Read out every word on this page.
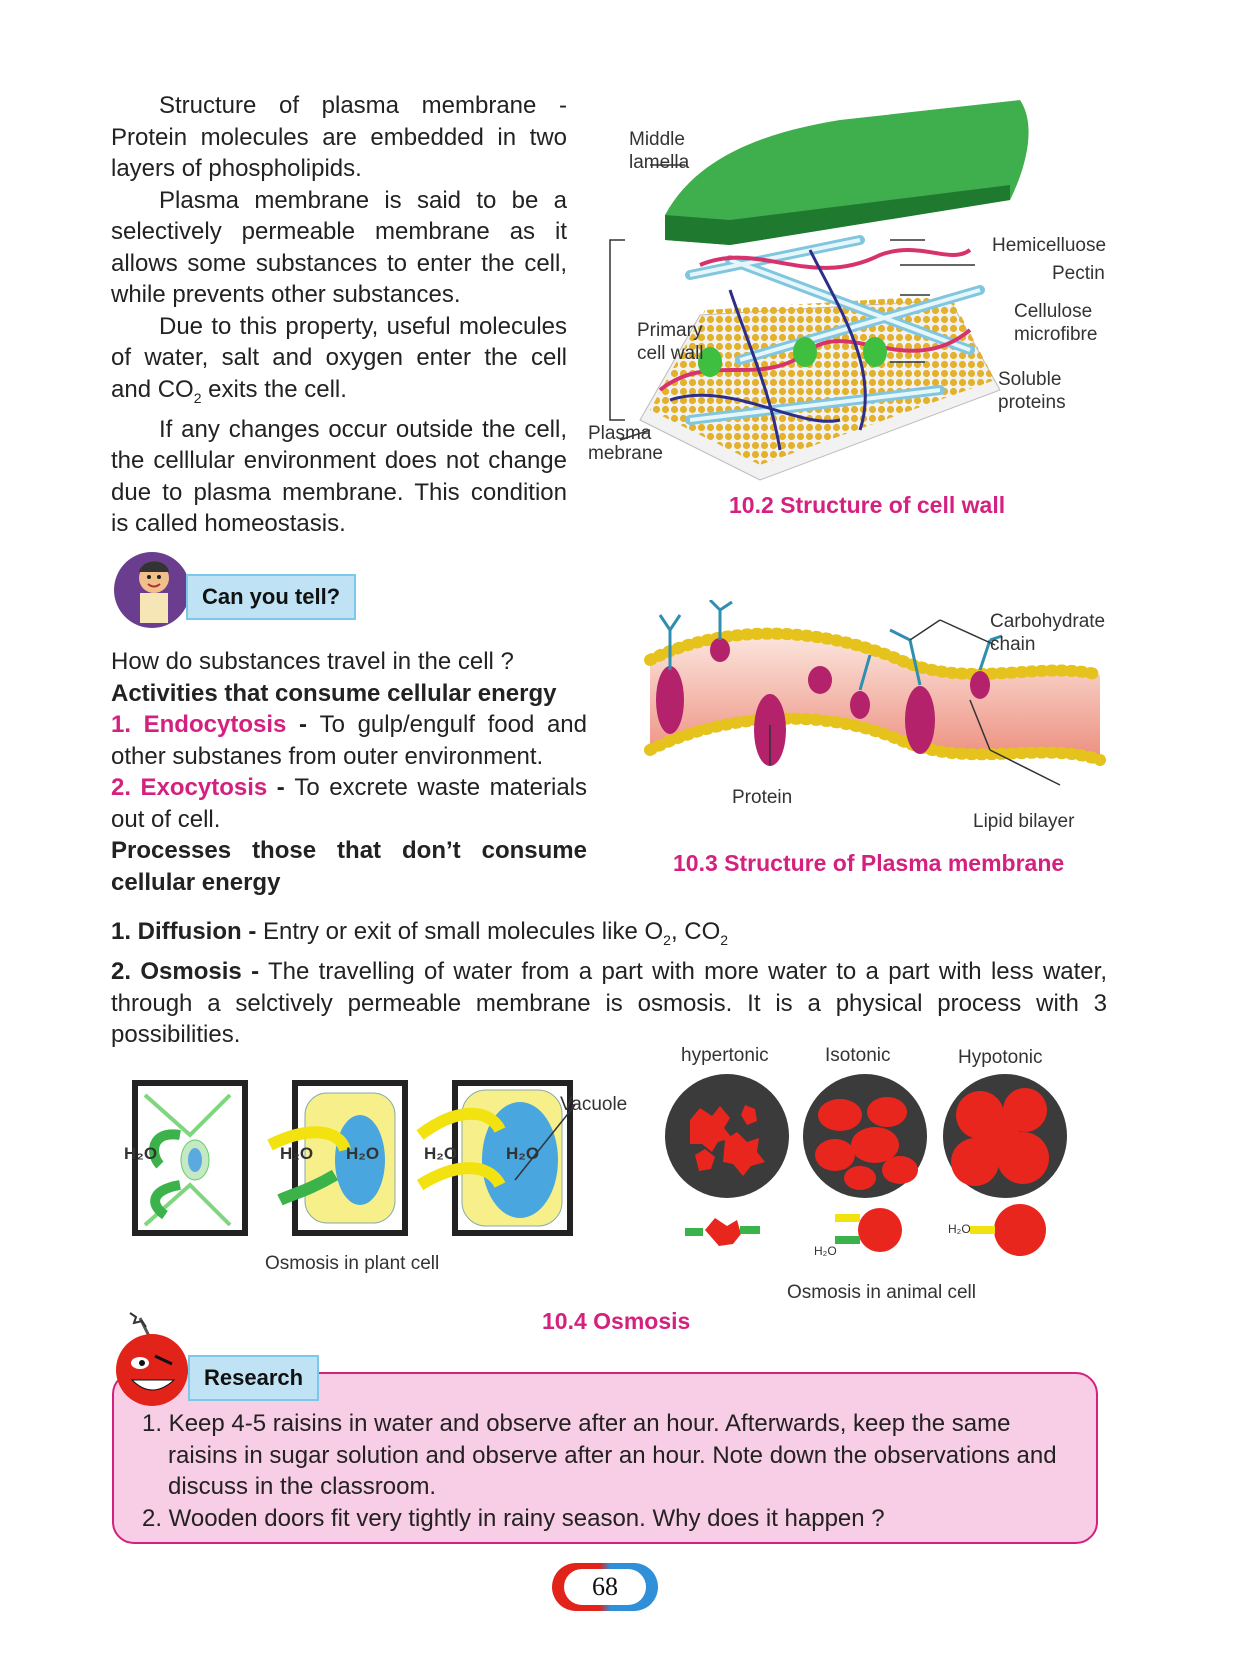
Structure of plasma membrane - Protein molecules are embedded in two layers of phospholipids.

Plasma membrane is said to be a selectively permeable membrane as it allows some substances to enter the cell, while prevents other substances.

Due to this property, useful molecules of water, salt and oxygen enter the cell and $CO_2$ exits the cell.

If any changes occur outside the cell, the celllular environment does not change due to plasma membrane. This condition is called homeostasis.

Middle lamella
Hemicelluose
Pectin
Cellulose microfibre
Primary cell wall
Soluble proteins
Plasma mebrane
10.2 Structure of cell wall
Can you tell?

How do substances travel in the cell ?

Activities that consume cellular energy

1. Endocytosis - To gulp/engulf food and other substanes from outer environment.

2. Exocytosis - To excrete waste materials out of cell.

Processes those that don’t consume cellular energy

Carbohydrate chain
Protein
Lipid bilayer
10.3 Structure of Plasma membrane

1. Diffusion - Entry or exit of small molecules like $O_2$, $CO_2$

2. Osmosis - The travelling of water from a part with more water to a part with less water, through a selctively permeable membrane is osmosis. It is a physical process with 3 possibilities.

H₂O	H₂O H₂O	H₂O	H₂O
Vacuole
Osmosis in plant cell
hypertonic	Isotonic	Hypotonic
H₂O
H₂O
Osmosis in animal cell
10.4 Osmosis
1. Keep 4-5 raisins in water and observe after an hour. Afterwards, keep the same raisins in sugar solution and observe after an hour. Note down the observations and discuss in the classroom.
2. Wooden doors fit very tightly in rainy season. Why does it happen ?
Research
68
